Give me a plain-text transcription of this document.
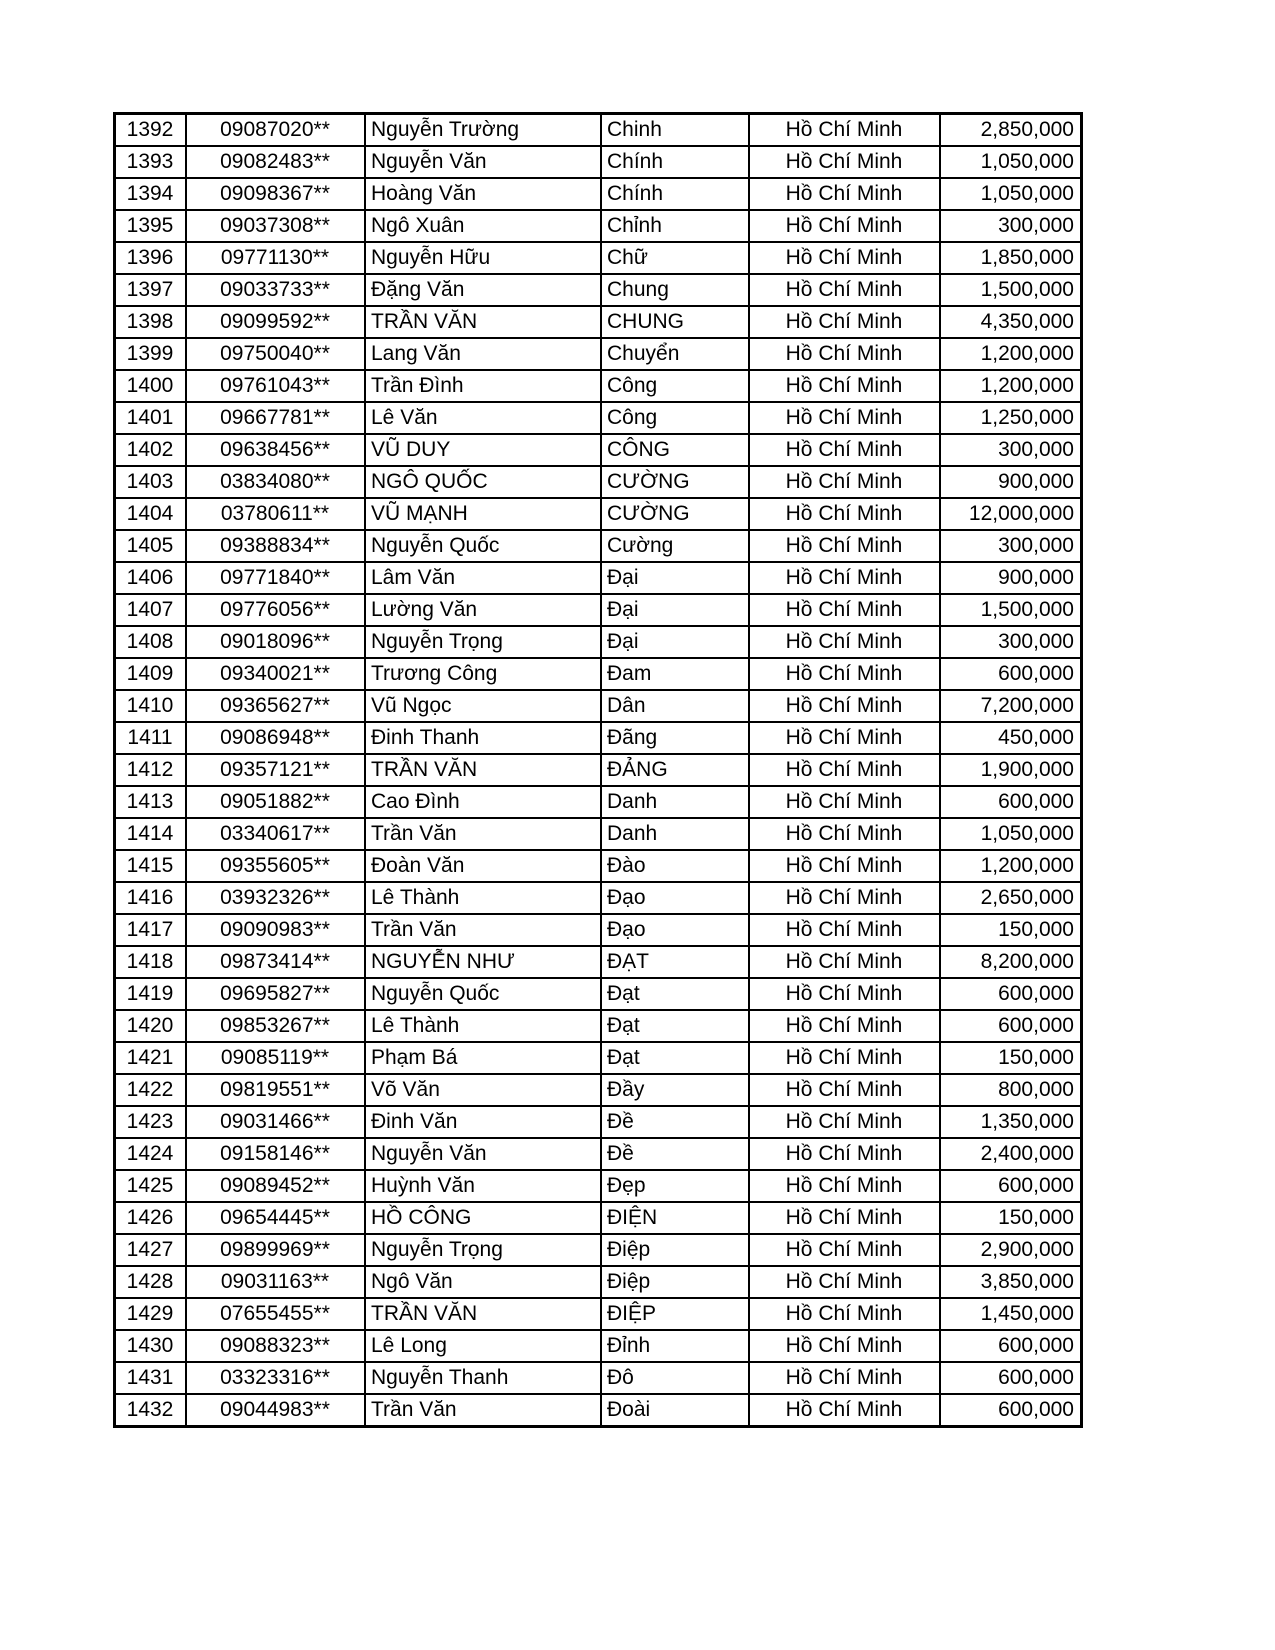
1392	09087020**	Nguyễn Trường	Chinh	Hồ Chí Minh	2,850,000
1393	09082483**	Nguyễn Văn	Chính	Hồ Chí Minh	1,050,000
1394	09098367**	Hoàng Văn	Chính	Hồ Chí Minh	1,050,000
1395	09037308**	Ngô Xuân	Chỉnh	Hồ Chí Minh	300,000
1396	09771130**	Nguyễn Hữu	Chữ	Hồ Chí Minh	1,850,000
1397	09033733**	Đặng Văn	Chung	Hồ Chí Minh	1,500,000
1398	09099592**	TRẦN VĂN	CHUNG	Hồ Chí Minh	4,350,000
1399	09750040**	Lang Văn	Chuyển	Hồ Chí Minh	1,200,000
1400	09761043**	Trần Đình	Công	Hồ Chí Minh	1,200,000
1401	09667781**	Lê Văn	Công	Hồ Chí Minh	1,250,000
1402	09638456**	VŨ DUY	CÔNG	Hồ Chí Minh	300,000
1403	03834080**	NGÔ QUỐC	CƯỜNG	Hồ Chí Minh	900,000
1404	03780611**	VŨ MẠNH	CƯỜNG	Hồ Chí Minh	12,000,000
1405	09388834**	Nguyễn Quốc	Cường	Hồ Chí Minh	300,000
1406	09771840**	Lâm Văn	Đại	Hồ Chí Minh	900,000
1407	09776056**	Lường Văn	Đại	Hồ Chí Minh	1,500,000
1408	09018096**	Nguyễn Trọng	Đại	Hồ Chí Minh	300,000
1409	09340021**	Trương Công	Đam	Hồ Chí Minh	600,000
1410	09365627**	Vũ Ngọc	Dân	Hồ Chí Minh	7,200,000
1411	09086948**	Đinh Thanh	Đãng	Hồ Chí Minh	450,000
1412	09357121**	TRẦN VĂN	ĐẢNG	Hồ Chí Minh	1,900,000
1413	09051882**	Cao Đình	Danh	Hồ Chí Minh	600,000
1414	03340617**	Trần Văn	Danh	Hồ Chí Minh	1,050,000
1415	09355605**	Đoàn Văn	Đào	Hồ Chí Minh	1,200,000
1416	03932326**	Lê Thành	Đạo	Hồ Chí Minh	2,650,000
1417	09090983**	Trần Văn	Đạo	Hồ Chí Minh	150,000
1418	09873414**	NGUYỄN NHƯ	ĐẠT	Hồ Chí Minh	8,200,000
1419	09695827**	Nguyễn Quốc	Đạt	Hồ Chí Minh	600,000
1420	09853267**	Lê Thành	Đạt	Hồ Chí Minh	600,000
1421	09085119**	Phạm Bá	Đạt	Hồ Chí Minh	150,000
1422	09819551**	Võ Văn	Đầy	Hồ Chí Minh	800,000
1423	09031466**	Đinh Văn	Đề	Hồ Chí Minh	1,350,000
1424	09158146**	Nguyễn Văn	Đề	Hồ Chí Minh	2,400,000
1425	09089452**	Huỳnh Văn	Đẹp	Hồ Chí Minh	600,000
1426	09654445**	HỒ CÔNG	ĐIỆN	Hồ Chí Minh	150,000
1427	09899969**	Nguyễn Trọng	Điệp	Hồ Chí Minh	2,900,000
1428	09031163**	Ngô Văn	Điệp	Hồ Chí Minh	3,850,000
1429	07655455**	TRẦN VĂN	ĐIỆP	Hồ Chí Minh	1,450,000
1430	09088323**	Lê Long	Đỉnh	Hồ Chí Minh	600,000
1431	03323316**	Nguyễn Thanh	Đô	Hồ Chí Minh	600,000
1432	09044983**	Trần Văn	Đoài	Hồ Chí Minh	600,000
